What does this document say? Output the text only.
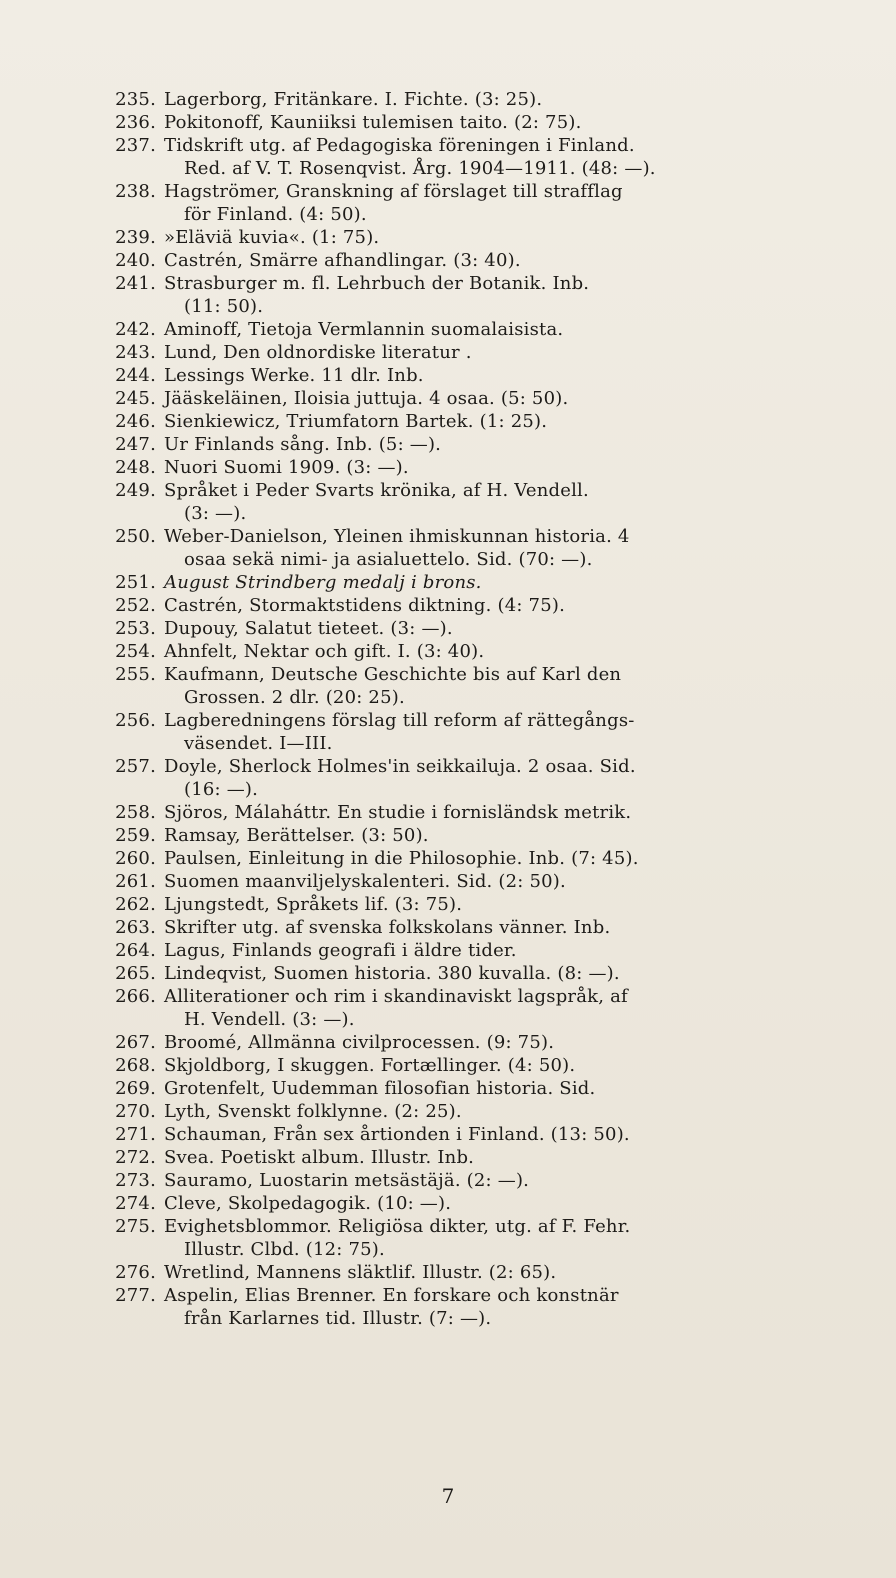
235. Lagerborg, Fritänkare. I. Fichte. (3: 25).
236. Pokitonoff, Kauniiksi tulemisen taito. (2: 75).
237. Tidskrift utg. af Pedagogiska föreningen i Finland.
Red. af V. T. Rosenqvist. Årg. 1904—1911. (48: —).
238. Hagströmer, Granskning af förslaget till strafflag
för Finland. (4: 50).
239. »Eläviä kuvia«. (1: 75).
240. Castrén, Smärre afhandlingar. (3: 40).
241. Strasburger m. fl. Lehrbuch der Botanik. Inb.
(11: 50).
242. Aminoff, Tietoja Vermlannin suomalaisista.
243. Lund, Den oldnordiske literatur .
244. Lessings Werke. 11 dlr. Inb.
245. Jääskeläinen, Iloisia juttuja. 4 osaa. (5: 50).
246. Sienkiewicz, Triumfatorn Bartek. (1: 25).
247. Ur Finlands sång. Inb. (5: —).
248. Nuori Suomi 1909. (3: —).
249. Språket i Peder Svarts krönika, af H. Vendell.
(3: —).
250. Weber-Danielson, Yleinen ihmiskunnan historia. 4
osaa sekä nimi- ja asialuettelo. Sid. (70: —).
251. August Strindberg medalj i brons.
252. Castrén, Stormaktstidens diktning. (4: 75).
253. Dupouy, Salatut tieteet. (3: —).
254. Ahnfelt, Nektar och gift. I. (3: 40).
255. Kaufmann, Deutsche Geschichte bis auf Karl den
Grossen. 2 dlr. (20: 25).
256. Lagberedningens förslag till reform af rättegångs-
väsendet. I—III.
257. Doyle, Sherlock Holmes'in seikkailuja. 2 osaa. Sid.
(16: —).
258. Sjöros, Málaháttr. En studie i fornisländsk metrik.
259. Ramsay, Berättelser. (3: 50).
260. Paulsen, Einleitung in die Philosophie. Inb. (7: 45).
261. Suomen maanviljelyskalenteri. Sid. (2: 50).
262. Ljungstedt, Språkets lif. (3: 75).
263. Skrifter utg. af svenska folkskolans vänner. Inb.
264. Lagus, Finlands geografi i äldre tider.
265. Lindeqvist, Suomen historia. 380 kuvalla. (8: —).
266. Alliterationer och rim i skandinaviskt lagspråk, af
H. Vendell. (3: —).
267. Broomé, Allmänna civilprocessen. (9: 75).
268. Skjoldborg, I skuggen. Fortællinger. (4: 50).
269. Grotenfelt, Uudemman filosofian historia. Sid.
270. Lyth, Svenskt folklynne. (2: 25).
271. Schauman, Från sex årtionden i Finland. (13: 50).
272. Svea. Poetiskt album. Illustr. Inb.
273. Sauramo, Luostarin metsästäjä. (2: —).
274. Cleve, Skolpedagogik. (10: —).
275. Evighetsblommor. Religiösa dikter, utg. af F. Fehr.
Illustr. Clbd. (12: 75).
276. Wretlind, Mannens släktlif. Illustr. (2: 65).
277. Aspelin, Elias Brenner. En forskare och konstnär
från Karlarnes tid. Illustr. (7: —).
7
